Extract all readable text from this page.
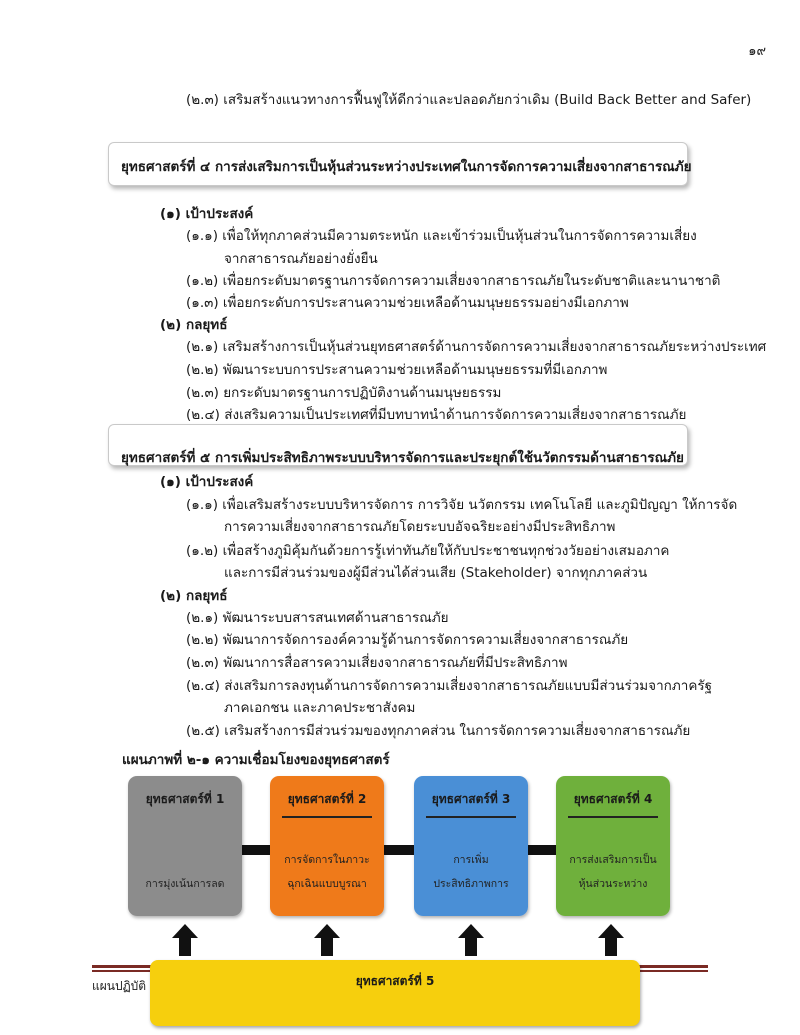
๑๙
(๒.๓) เสริมสร้างแนวทางการฟื้นฟูให้ดีกว่าและปลอดภัยกว่าเดิม (Build Back Better and Safer)
ยุทธศาสตร์ที่ ๔ การส่งเสริมการเป็นหุ้นส่วนระหว่างประเทศในการจัดการความเสี่ยงจากสาธารณภัย
(๑) เป้าประสงค์
(๑.๑) เพื่อให้ทุกภาคส่วนมีความตระหนัก และเข้าร่วมเป็นหุ้นส่วนในการจัดการความเสี่ยง
จากสาธารณภัยอย่างยั่งยืน
(๑.๒) เพื่อยกระดับมาตรฐานการจัดการความเสี่ยงจากสาธารณภัยในระดับชาติและนานาชาติ
(๑.๓) เพื่อยกระดับการประสานความช่วยเหลือด้านมนุษยธรรมอย่างมีเอกภาพ
(๒) กลยุทธ์
(๒.๑) เสริมสร้างการเป็นหุ้นส่วนยุทธศาสตร์ด้านการจัดการความเสี่ยงจากสาธารณภัยระหว่างประเทศ
(๒.๒) พัฒนาระบบการประสานความช่วยเหลือด้านมนุษยธรรมที่มีเอกภาพ
(๒.๓) ยกระดับมาตรฐานการปฏิบัติงานด้านมนุษยธรรม
(๒.๔) ส่งเสริมความเป็นประเทศที่มีบทบาทนำด้านการจัดการความเสี่ยงจากสาธารณภัย
ยุทธศาสตร์ที่ ๕ การเพิ่มประสิทธิภาพระบบบริหารจัดการและประยุกต์ใช้นวัตกรรมด้านสาธารณภัย
(๑) เป้าประสงค์
(๑.๑) เพื่อเสริมสร้างระบบบริหารจัดการ การวิจัย นวัตกรรม เทคโนโลยี และภูมิปัญญา ให้การจัด
การความเสี่ยงจากสาธารณภัยโดยระบบอัจฉริยะอย่างมีประสิทธิภาพ
(๑.๒) เพื่อสร้างภูมิคุ้มกันด้วยการรู้เท่าทันภัยให้กับประชาชนทุกช่วงวัยอย่างเสมอภาค
และการมีส่วนร่วมของผู้มีส่วนได้ส่วนเสีย (Stakeholder) จากทุกภาคส่วน
(๒) กลยุทธ์
(๒.๑) พัฒนาระบบสารสนเทศด้านสาธารณภัย
(๒.๒) พัฒนาการจัดการองค์ความรู้ด้านการจัดการความเสี่ยงจากสาธารณภัย
(๒.๓) พัฒนาการสื่อสารความเสี่ยงจากสาธารณภัยที่มีประสิทธิภาพ
(๒.๔) ส่งเสริมการลงทุนด้านการจัดการความเสี่ยงจากสาธารณภัยแบบมีส่วนร่วมจากภาครัฐ
ภาคเอกชน และภาคประชาสังคม
(๒.๕) เสริมสร้างการมีส่วนร่วมของทุกภาคส่วน ในการจัดการความเสี่ยงจากสาธารณภัย
แผนภาพที่ ๒-๑ ความเชื่อมโยงของยุทธศาสตร์
ยุทธศาสตร์ที่ 1
การมุ่งเน้นการลด
ยุทธศาสตร์ที่ 2
การจัดการในภาวะ
ฉุกเฉินแบบบูรณา
ยุทธศาสตร์ที่ 3
การเพิ่ม
ประสิทธิภาพการ
ยุทธศาสตร์ที่ 4
การส่งเสริมการเป็น
หุ้นส่วนระหว่าง
แผนปฏิบัติ	ยุทธศาสตร์ที่ 5
